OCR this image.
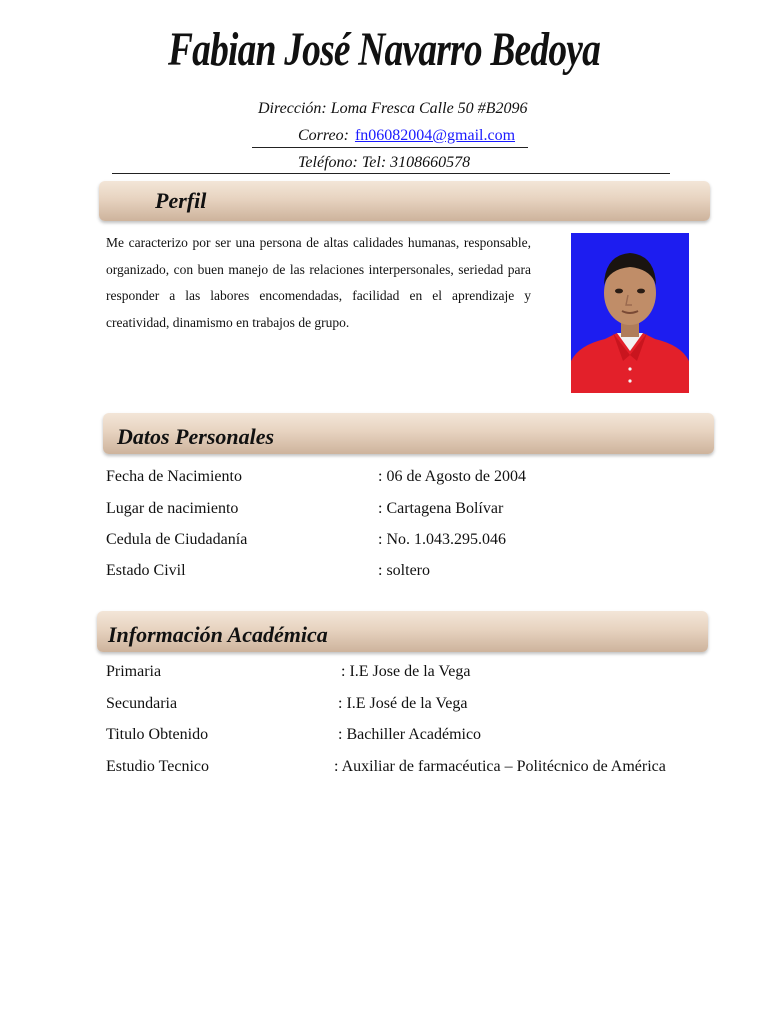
Fabian José Navarro Bedoya
Dirección: Loma Fresca Calle 50 #B2096
Correo: fn06082004@gmail.com
Teléfono: Tel: 3108660578
Perfil
Me caracterizo por ser una persona de altas calidades humanas, responsable, organizado, con buen manejo de las relaciones interpersonales, seriedad para responder a las labores encomendadas, facilidad en el aprendizaje y creatividad, dinamismo en trabajos de grupo.
Datos Personales
Fecha de Nacimiento	: 06 de Agosto de 2004
Lugar de nacimiento	: Cartagena Bolívar
Cedula de Ciudadanía	: No. 1.043.295.046
Estado Civil	: soltero
Información Académica
Primaria	: I.E Jose de la Vega
Secundaria	: I.E José de la Vega
Titulo Obtenido	: Bachiller Académico
Estudio Tecnico	: Auxiliar de farmacéutica – Politécnico de América
